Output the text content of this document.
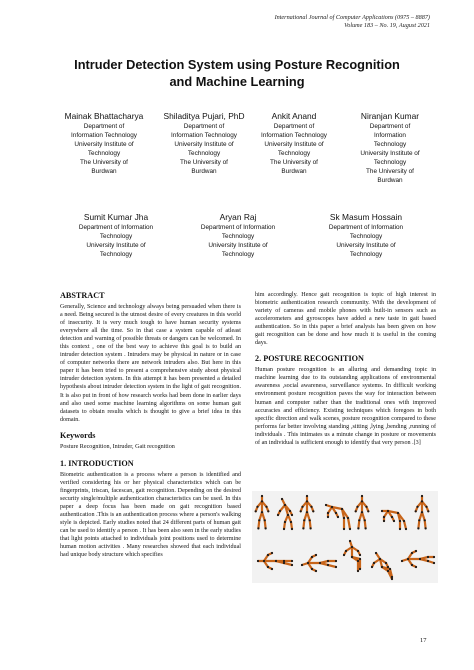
International Journal of Computer Applications (0975 – 8887)
Volume 183 – No. 19, August 2021
Intruder Detection System using Posture Recognition
and Machine Learning
Mainak Bhattacharya
Department of
Information Technology
University Institute of
Technology
The University of
Burdwan
Shiladitya Pujari, PhD
Department of
Information Technology
University Institute of
Technology
The University of
Burdwan
Ankit Anand
Department of
Information Technology
University Institute of
Technology
The University of
Burdwan
Niranjan Kumar
Department of
Information
Technology
University Institute of
Technology
The University of
Burdwan
Sumit Kumar Jha
Department of Information
Technology
University Institute of
Technology
Aryan Raj
Department of Information
Technology
University Institute of
Technology
Sk Masum Hossain
Department of Information
Technology
University Institute of
Technology
ABSTRACT

Generally, Science and technology always being persuaded when there is a need. Being secured is the utmost desire of every creatures in this world of insecurity. It is very much tough to have human security systems everywhere all the time. So in that case a system capable of atleast detection and warning of possible threats or dangers can be welcomed. In this context , one of the best way to achieve this goal is to build an intruder detection system . Intruders may be physical in nature or in case of computer networks there are network intruders also. But here in this paper it has been tried to present a comprehensive study about physical intruder detection system. In this attempt it has been presented a detailed hypothesis about intruder detection system in the light of gait recognition. It is also put in front of how research works had been done in earlier days and also used some machine learning algorithms on some human gait datasets to obtain results which is thought to give a brief idea in this domain.

Keywords

Posture Recognition, Intruder, Gait recognition

1. INTRODUCTION

Biometric authentication is a process where a person is identified and verified considering his or her physical characteristics which can be fingerprints, iriscan, facescan, gait recognition. Depending on the desired security single/multiple authentication characteristics can be used. In this paper a deep focus has been made on gait recognition based authentication .This is an authentication process where a person's walking style is depicted. Early studies noted that 24 different parts of human gait can be used to identify a person . It has been also seen in the early studies that light points attached to individuals joint positions used to determine human motion activities . Many researches showed that each individual had unique body structure which specifies

him accordingly. Hence gait recognition is topic of high interest in biometric authentication research community. With the development of variety of cameras and mobile phones with built-in sensors such as accelerometers and gyroscopes have added a new taste in gait based authentication. So in this paper a brief analysis has been given on how gait recognition can be done and how much it is useful in the coming days.

2. POSTURE RECOGNITION

Human posture recognition is an alluring and demanding topic in machine learning due to its outstanding applications of environmental awareness ,social awareness, surveillance systems. In difficult working environment posture recognition paves the way for interaction between human and computer rather than the traditional ones with improved accuracies and efficiency. Existing techniques which foregoes in both specific direction and walk scenes, posture recognition compared to these performs far better involving standing ,sitting ,lying ,bending ,running of individuals . This intimates us a minute change in posture or movements of an individual is sufficient enough to identify that very person .[3]

17
